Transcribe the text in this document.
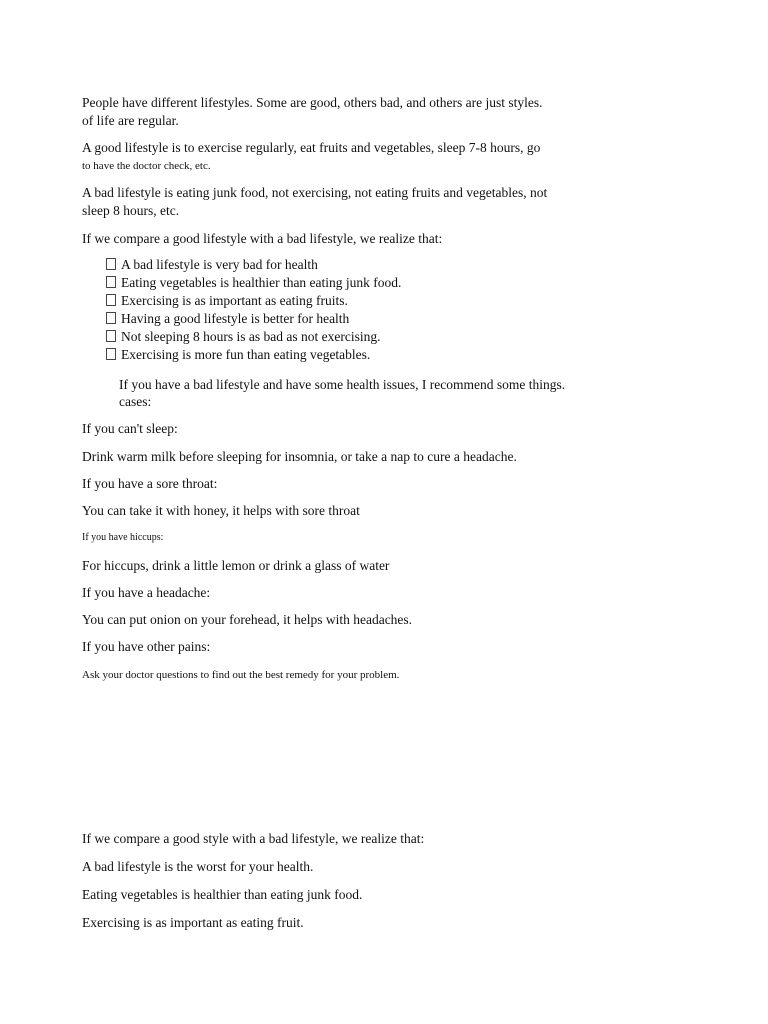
People have different lifestyles. Some are good, others bad, and others are just styles.
of life are regular.
A good lifestyle is to exercise regularly, eat fruits and vegetables, sleep 7-8 hours, go
to have the doctor check, etc.
A bad lifestyle is eating junk food, not exercising, not eating fruits and vegetables, not
sleep 8 hours, etc.
If we compare a good lifestyle with a bad lifestyle, we realize that:
A bad lifestyle is very bad for health
Eating vegetables is healthier than eating junk food.
Exercising is as important as eating fruits.
Having a good lifestyle is better for health
Not sleeping 8 hours is as bad as not exercising.
Exercising is more fun than eating vegetables.
If you have a bad lifestyle and have some health issues, I recommend some things.
cases:
If you can't sleep:
Drink warm milk before sleeping for insomnia, or take a nap to cure a headache.
If you have a sore throat:
You can take it with honey, it helps with sore throat
If you have hiccups:
For hiccups, drink a little lemon or drink a glass of water
If you have a headache:
You can put onion on your forehead, it helps with headaches.
If you have other pains:
Ask your doctor questions to find out the best remedy for your problem.
If we compare a good style with a bad lifestyle, we realize that:
A bad lifestyle is the worst for your health.
Eating vegetables is healthier than eating junk food.
Exercising is as important as eating fruit.
